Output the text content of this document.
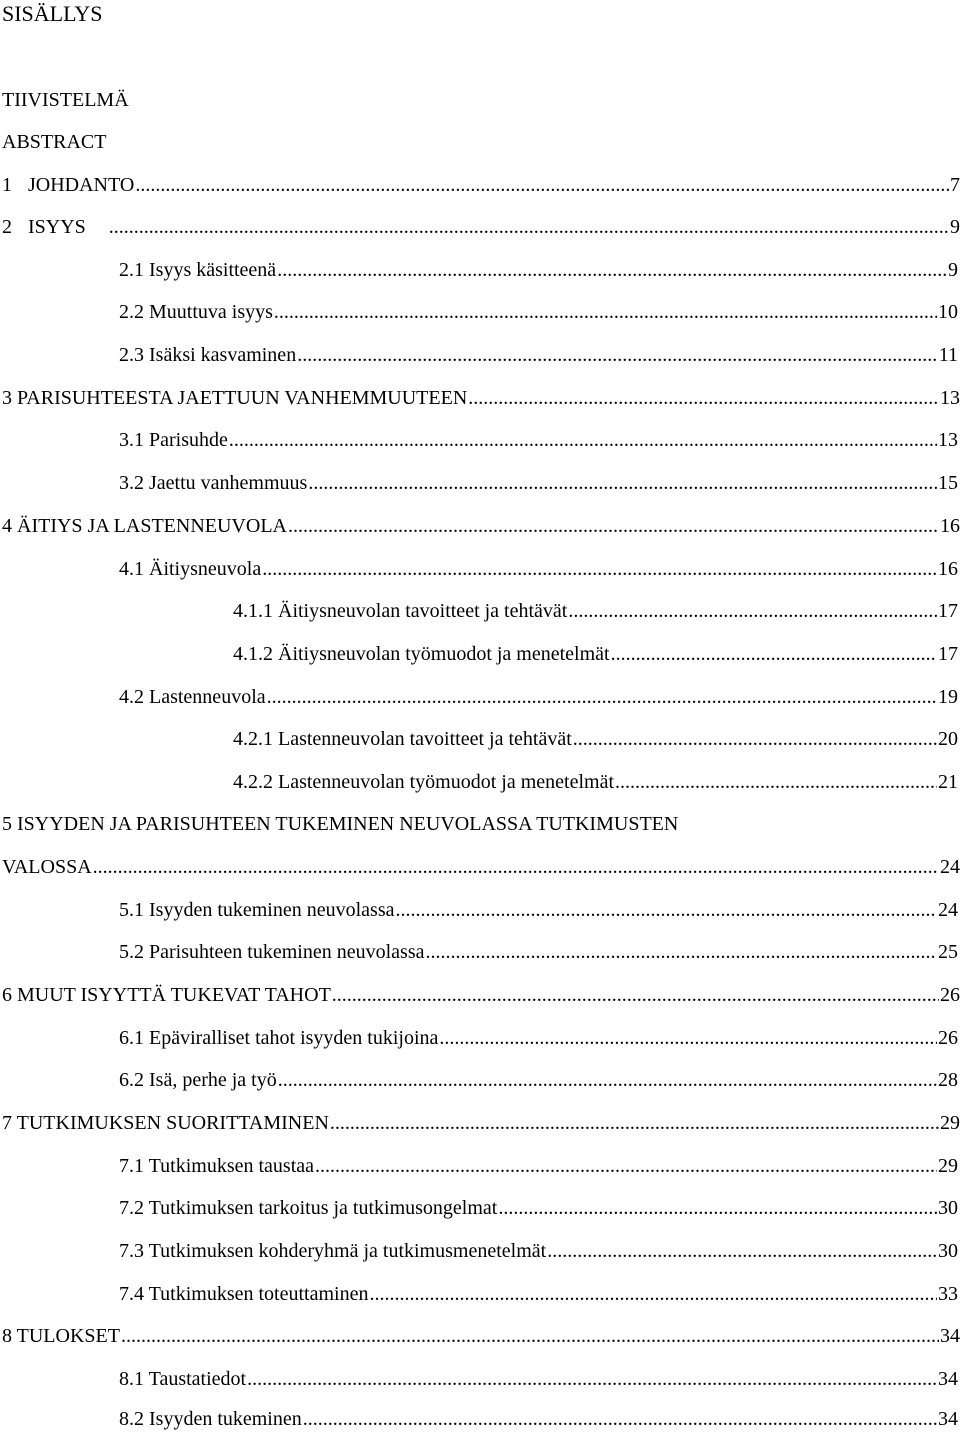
SISÄLLYS
TIIVISTELMÄ
ABSTRACT
1 JOHDANTO .....	7
2 ISYYS .....	9
2.1 Isyys käsitteenä .....	9
2.2 Muuttuva isyys .....	10
2.3 Isäksi kasvaminen .....	11
3 PARISUHTEESTA JAETTUUN VANHEMMUUTEEN .....	13
3.1 Parisuhde .....	13
3.2 Jaettu vanhemmuus .....	15
4 ÄITIYS JA LASTENNEUVOLA .....	16
4.1 Äitiysneuvola .....	16
4.1.1 Äitiysneuvolan tavoitteet ja tehtävät .....	17
4.1.2 Äitiysneuvolan työmuodot ja menetelmät .....	17
4.2 Lastenneuvola .....	19
4.2.1 Lastenneuvolan tavoitteet ja tehtävät .....	20
4.2.2 Lastenneuvolan työmuodot ja menetelmät .....	21
5 ISYYDEN JA PARISUHTEEN TUKEMINEN NEUVOLASSA TUTKIMUSTEN
VALOSSA .....	24
5.1 Isyyden tukeminen neuvolassa .....	24
5.2 Parisuhteen tukeminen neuvolassa .....	25
6 MUUT ISYYTTÄ TUKEVAT TAHOT .....	26
6.1 Epäviralliset tahot isyyden tukijoina .....	26
6.2 Isä, perhe ja työ .....	28
7 TUTKIMUKSEN SUORITTAMINEN .....	29
7.1 Tutkimuksen taustaa .....	29
7.2 Tutkimuksen tarkoitus ja tutkimusongelmat .....	30
7.3 Tutkimuksen kohderyhmä ja tutkimusmenetelmät .....	30
7.4 Tutkimuksen toteuttaminen .....	33
8 TULOKSET .....	34
8.1 Taustatiedot .....	34
8.2 Isyyden tukeminen .....	34
